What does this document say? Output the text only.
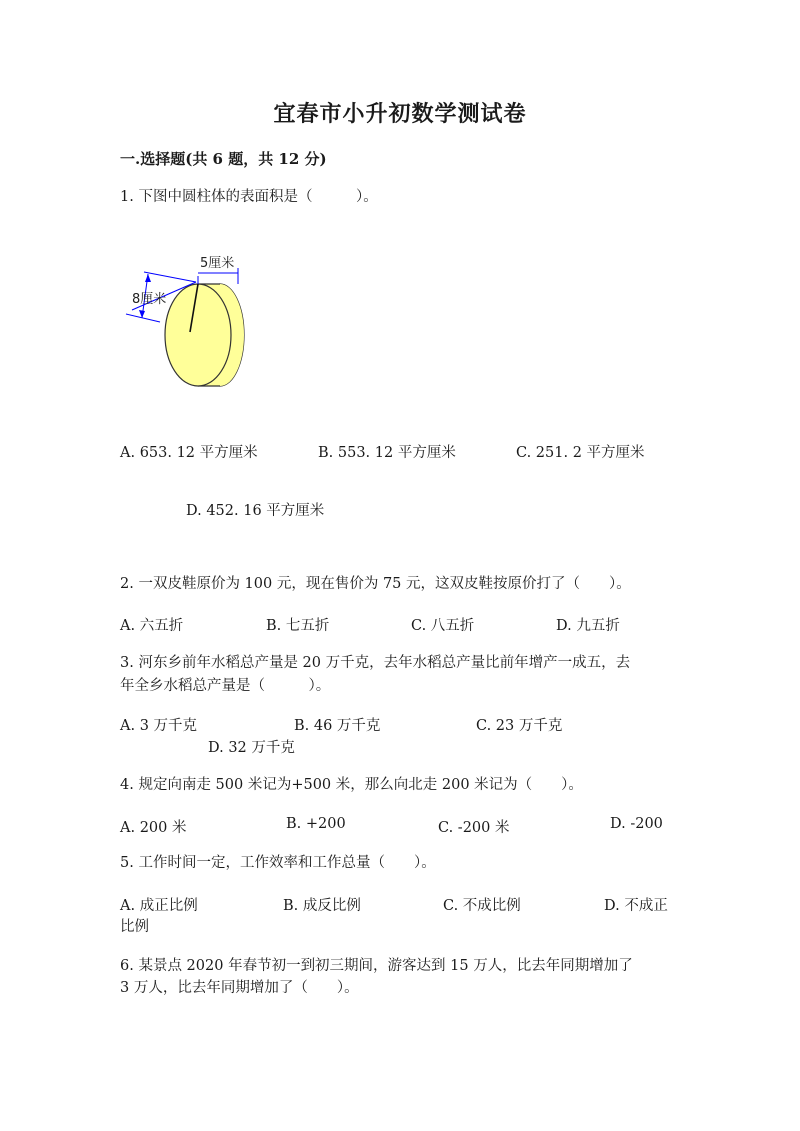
宜春市小升初数学测试卷
一.选择题(共 6 题，共 12 分)
1. 下图中圆柱体的表面积是（　　　）。
5厘米
8厘米
A. 653. 12 平方厘米	B. 553. 12 平方厘米	C. 251. 2 平方厘米
D. 452. 16 平方厘米
2. 一双皮鞋原价为 100 元，现在售价为 75 元，这双皮鞋按原价打了（　　）。
A. 六五折	B. 七五折	C. 八五折	D. 九五折
3. 河东乡前年水稻总产量是 20 万千克，去年水稻总产量比前年增产一成五，去
年全乡水稻总产量是（　　　）。
A. 3 万千克	B. 46 万千克	C. 23 万千克
D. 32 万千克
4. 规定向南走 500 米记为+500 米，那么向北走 200 米记为（　　）。
A. 200 米	B. +200	C. -200 米	D. -200
5. 工作时间一定，工作效率和工作总量（　　）。
A. 成正比例	B. 成反比例	C. 不成比例	D. 不成正
比例
6. 某景点 2020 年春节初一到初三期间，游客达到 15 万人，比去年同期增加了
3 万人，比去年同期增加了（　　）。
